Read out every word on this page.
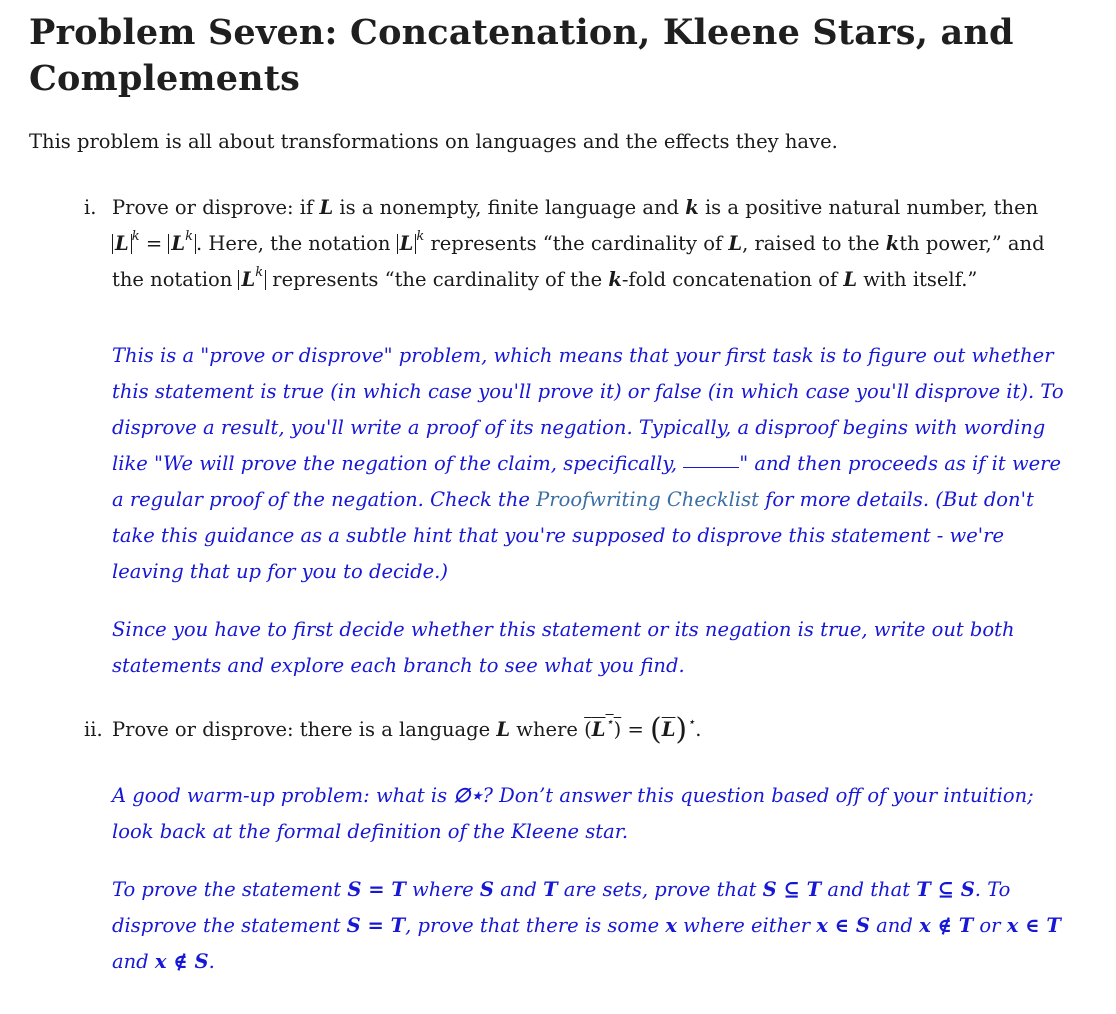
Problem Seven: Concatenation, Kleene Stars, and Complements

This problem is all about transformations on languages and the effects they have.

i. Prove or disprove: if L is a nonempty, finite language and k is a positive natural number, then L $^k = L^k$ . Here, the notation L $^k$ represents “the cardinality of L, raised to the kth power,” and the notation $L^k$ represents “the cardinality of the k-fold concatenation of L with itself.”
This is a "prove or disprove" problem, which means that your first task is to figure out whether this statement is true (in which case you'll prove it) or false (in which case you'll disprove it). To disprove a result, you'll write a proof of its negation. Typically, a disproof begins with wording like "We will prove the negation of the claim, specifically,	" and then proceeds as if it were a regular proof of the negation. Check the Proofwriting Checklist for more details. (But don't take this guidance as a subtle hint that you're supposed to disprove this statement - we're leaving that up for you to decide.)
Since you have to first decide whether this statement or its negation is true, write out both statements and explore each branch to see what you find.
ii. Prove or disprove: there is a language L where $(L^⋆) = (\overline{L})^⋆$.
A good warm-up problem: what is ∅⋆? Don’t answer this question based off of your intuition; look back at the formal definition of the Kleene star.
To prove the statement S = T where S and T are sets, prove that S ⊆ T and that T ⊆ S. To disprove the statement S = T, prove that there is some x where either x ∈ S and x ∉ T or x ∈ T and x ∉ S.
